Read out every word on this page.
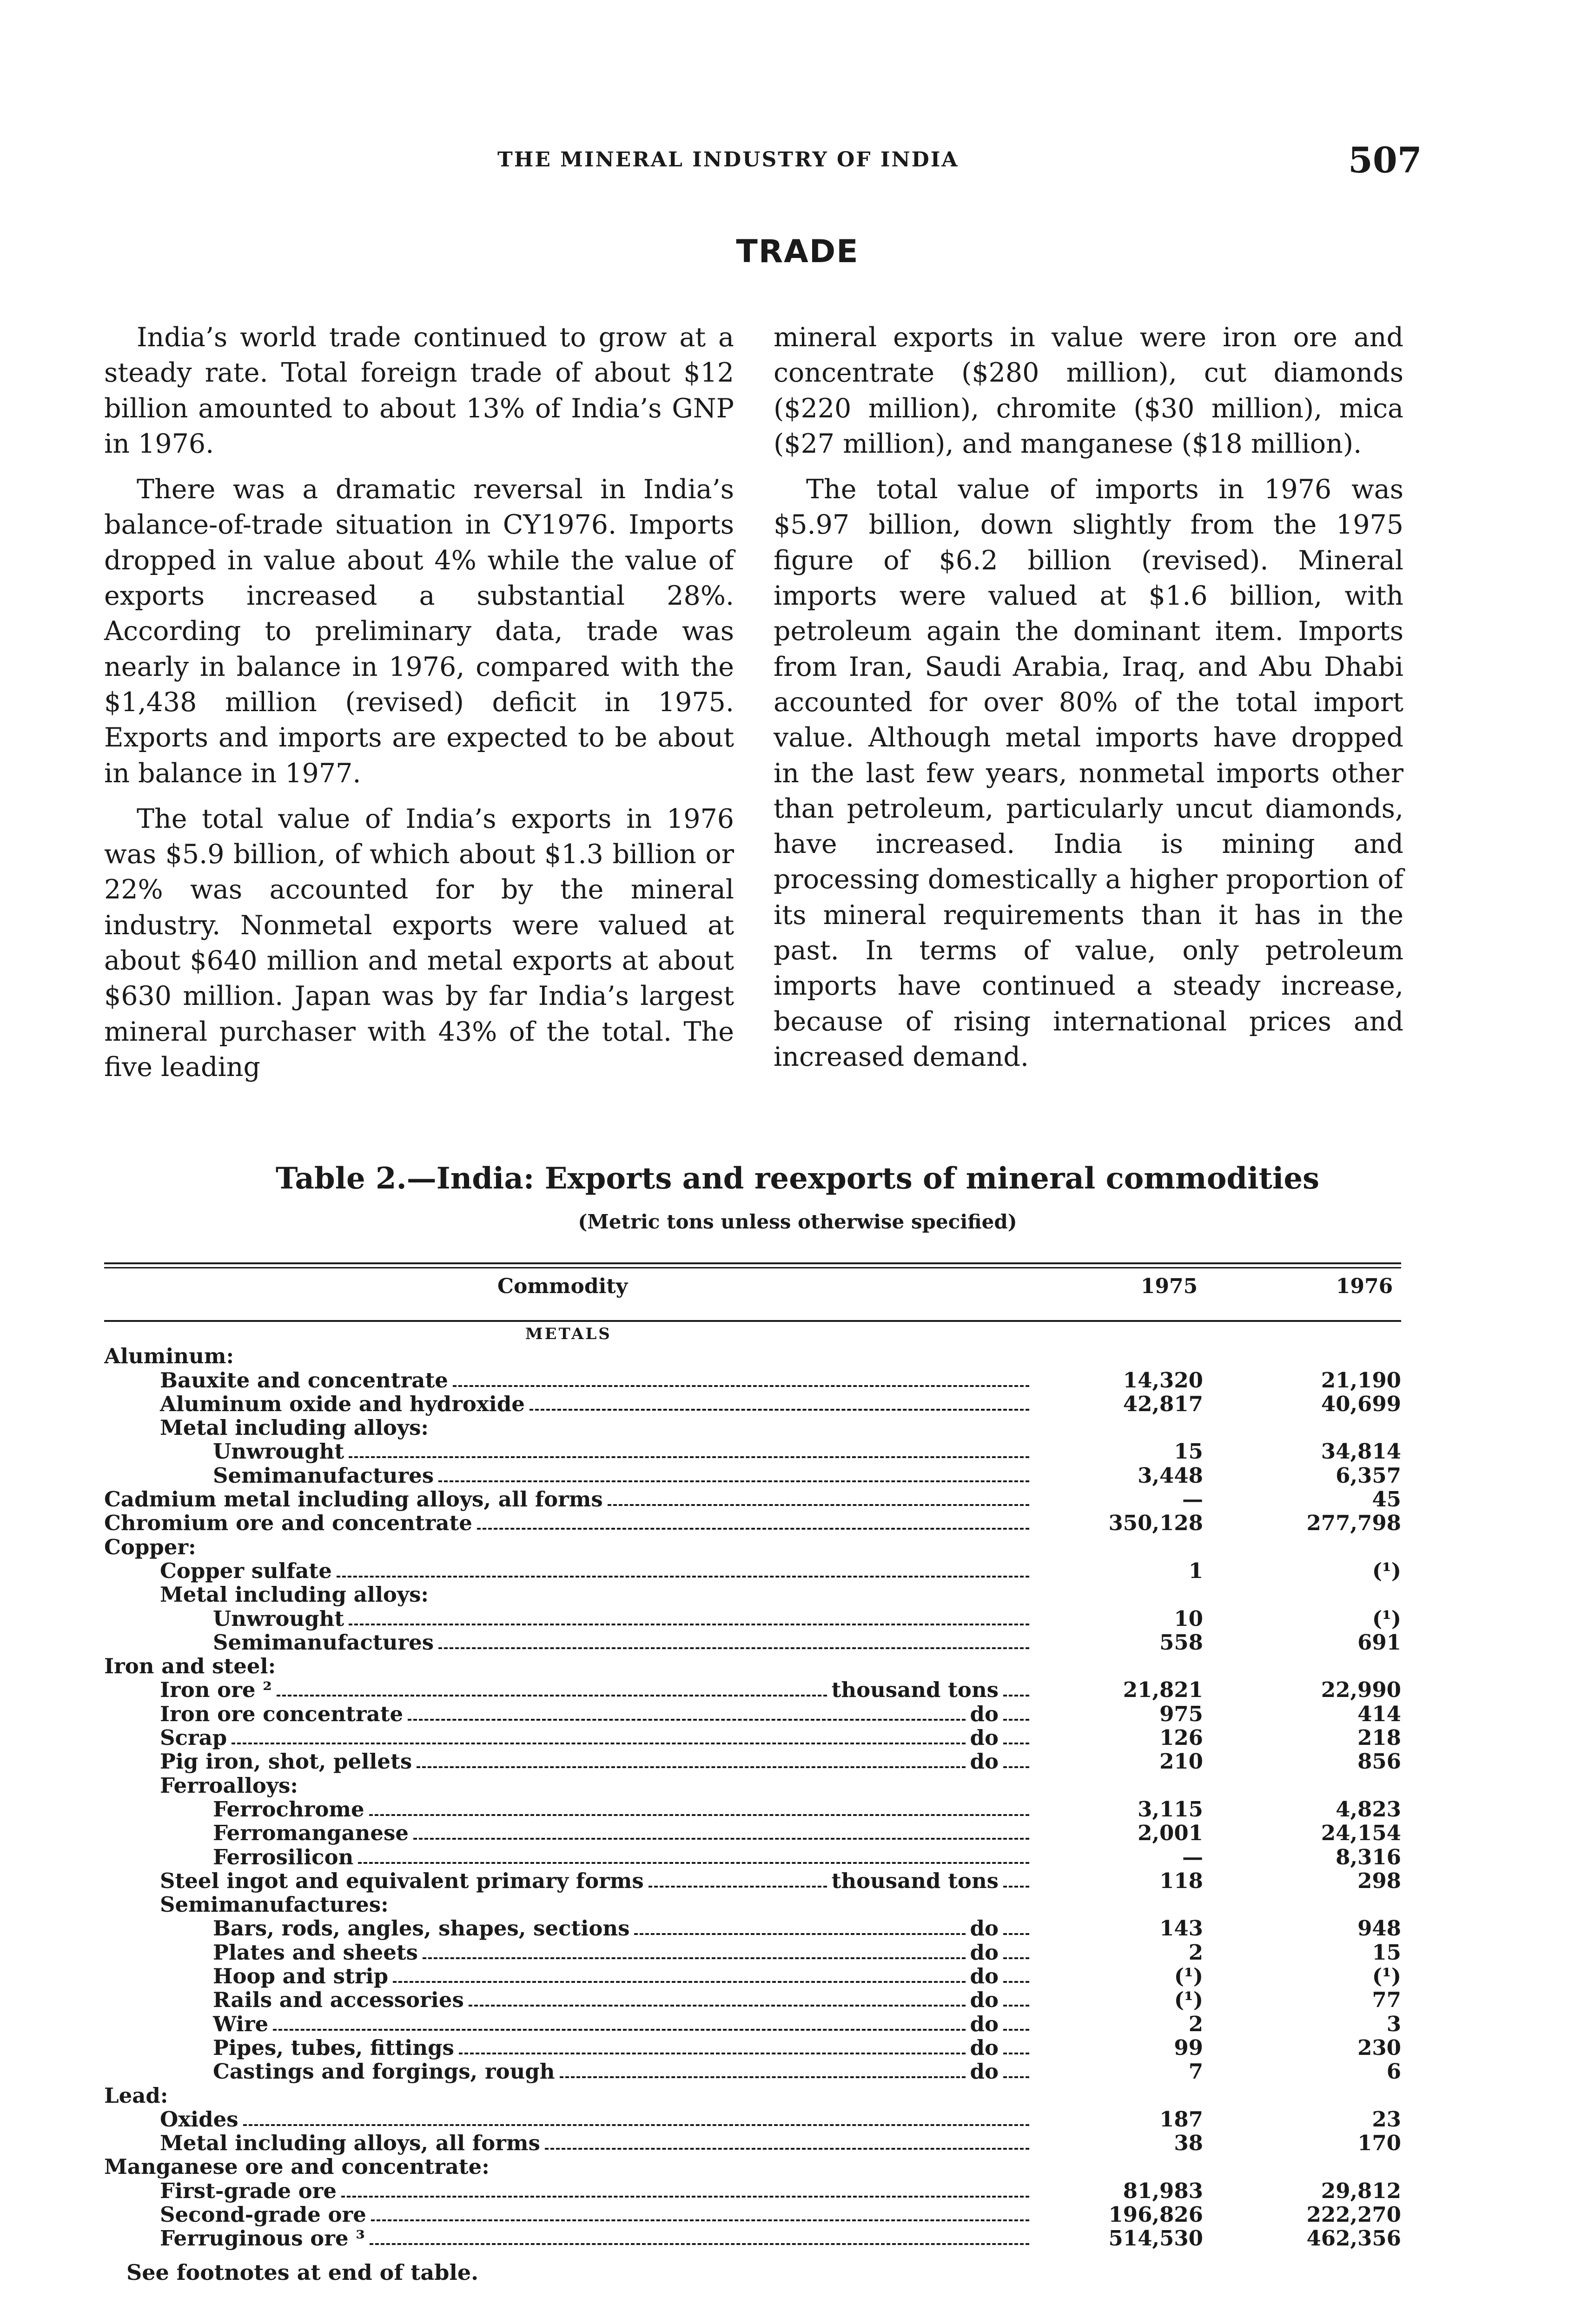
THE MINERAL INDUSTRY OF INDIA	507
TRADE

India’s world trade continued to grow at a steady rate. Total foreign trade of about $12 billion amounted to about 13% of India’s GNP in 1976.

There was a dramatic reversal in India’s balance-of-trade situation in CY1976. Imports dropped in value about 4% while the value of exports increased a substantial 28%. According to preliminary data, trade was nearly in balance in 1976, compared with the $1,438 million (revised) deficit in 1975. Exports and imports are expected to be about in balance in 1977.

The total value of India’s exports in 1976 was $5.9 billion, of which about $1.3 billion or 22% was accounted for by the mineral industry. Nonmetal exports were valued at about $640 million and metal exports at about $630 million. Japan was by far India’s largest mineral purchaser with 43% of the total. The five leading

mineral exports in value were iron ore and concentrate ($280 million), cut diamonds ($220 million), chromite ($30 million), mica ($27 million), and manganese ($18 million).

The total value of imports in 1976 was $5.97 billion, down slightly from the 1975 figure of $6.2 billion (revised). Mineral imports were valued at $1.6 billion, with petroleum again the dominant item. Imports from Iran, Saudi Arabia, Iraq, and Abu Dhabi accounted for over 80% of the total import value. Although metal imports have dropped in the last few years, nonmetal imports other than petroleum, particularly uncut diamonds, have increased. India is mining and processing domestically a higher proportion of its mineral requirements than it has in the past. In terms of value, only petroleum imports have continued a steady increase, because of rising international prices and increased demand.

Table 2.—India: Exports and reexports of mineral commodities
(Metric tons unless otherwise specified)
Commodity	1975	1976
METALS
Aluminum:
Bauxite and concentrate	14,320	21,190
Aluminum oxide and hydroxide	42,817	40,699
Metal including alloys:
Unwrought	15	34,814
Semimanufactures	3,448	6,357
Cadmium metal including alloys, all forms	—	45
Chromium ore and concentrate	350,128	277,798
Copper:
Copper sulfate	1	(¹)
Metal including alloys:
Unwrought	10	(¹)
Semimanufactures	558	691
Iron and steel:
Iron ore ²	thousand tons	21,821	22,990
Iron ore concentrate	do	975	414
Scrap	do	126	218
Pig iron, shot, pellets	do	210	856
Ferroalloys:
Ferrochrome	3,115	4,823
Ferromanganese	2,001	24,154
Ferrosilicon	—	8,316
Steel ingot and equivalent primary forms	thousand tons	118	298
Semimanufactures:
Bars, rods, angles, shapes, sections	do	143	948
Plates and sheets	do	2	15
Hoop and strip	do	(¹)	(¹)
Rails and accessories	do	(¹)	77
Wire	do	2	3
Pipes, tubes, fittings	do	99	230
Castings and forgings, rough	do	7	6
Lead:
Oxides	187	23
Metal including alloys, all forms	38	170
Manganese ore and concentrate:
First-grade ore	81,983	29,812
Second-grade ore	196,826	222,270
Ferruginous ore ³	514,530	462,356
See footnotes at end of table.
